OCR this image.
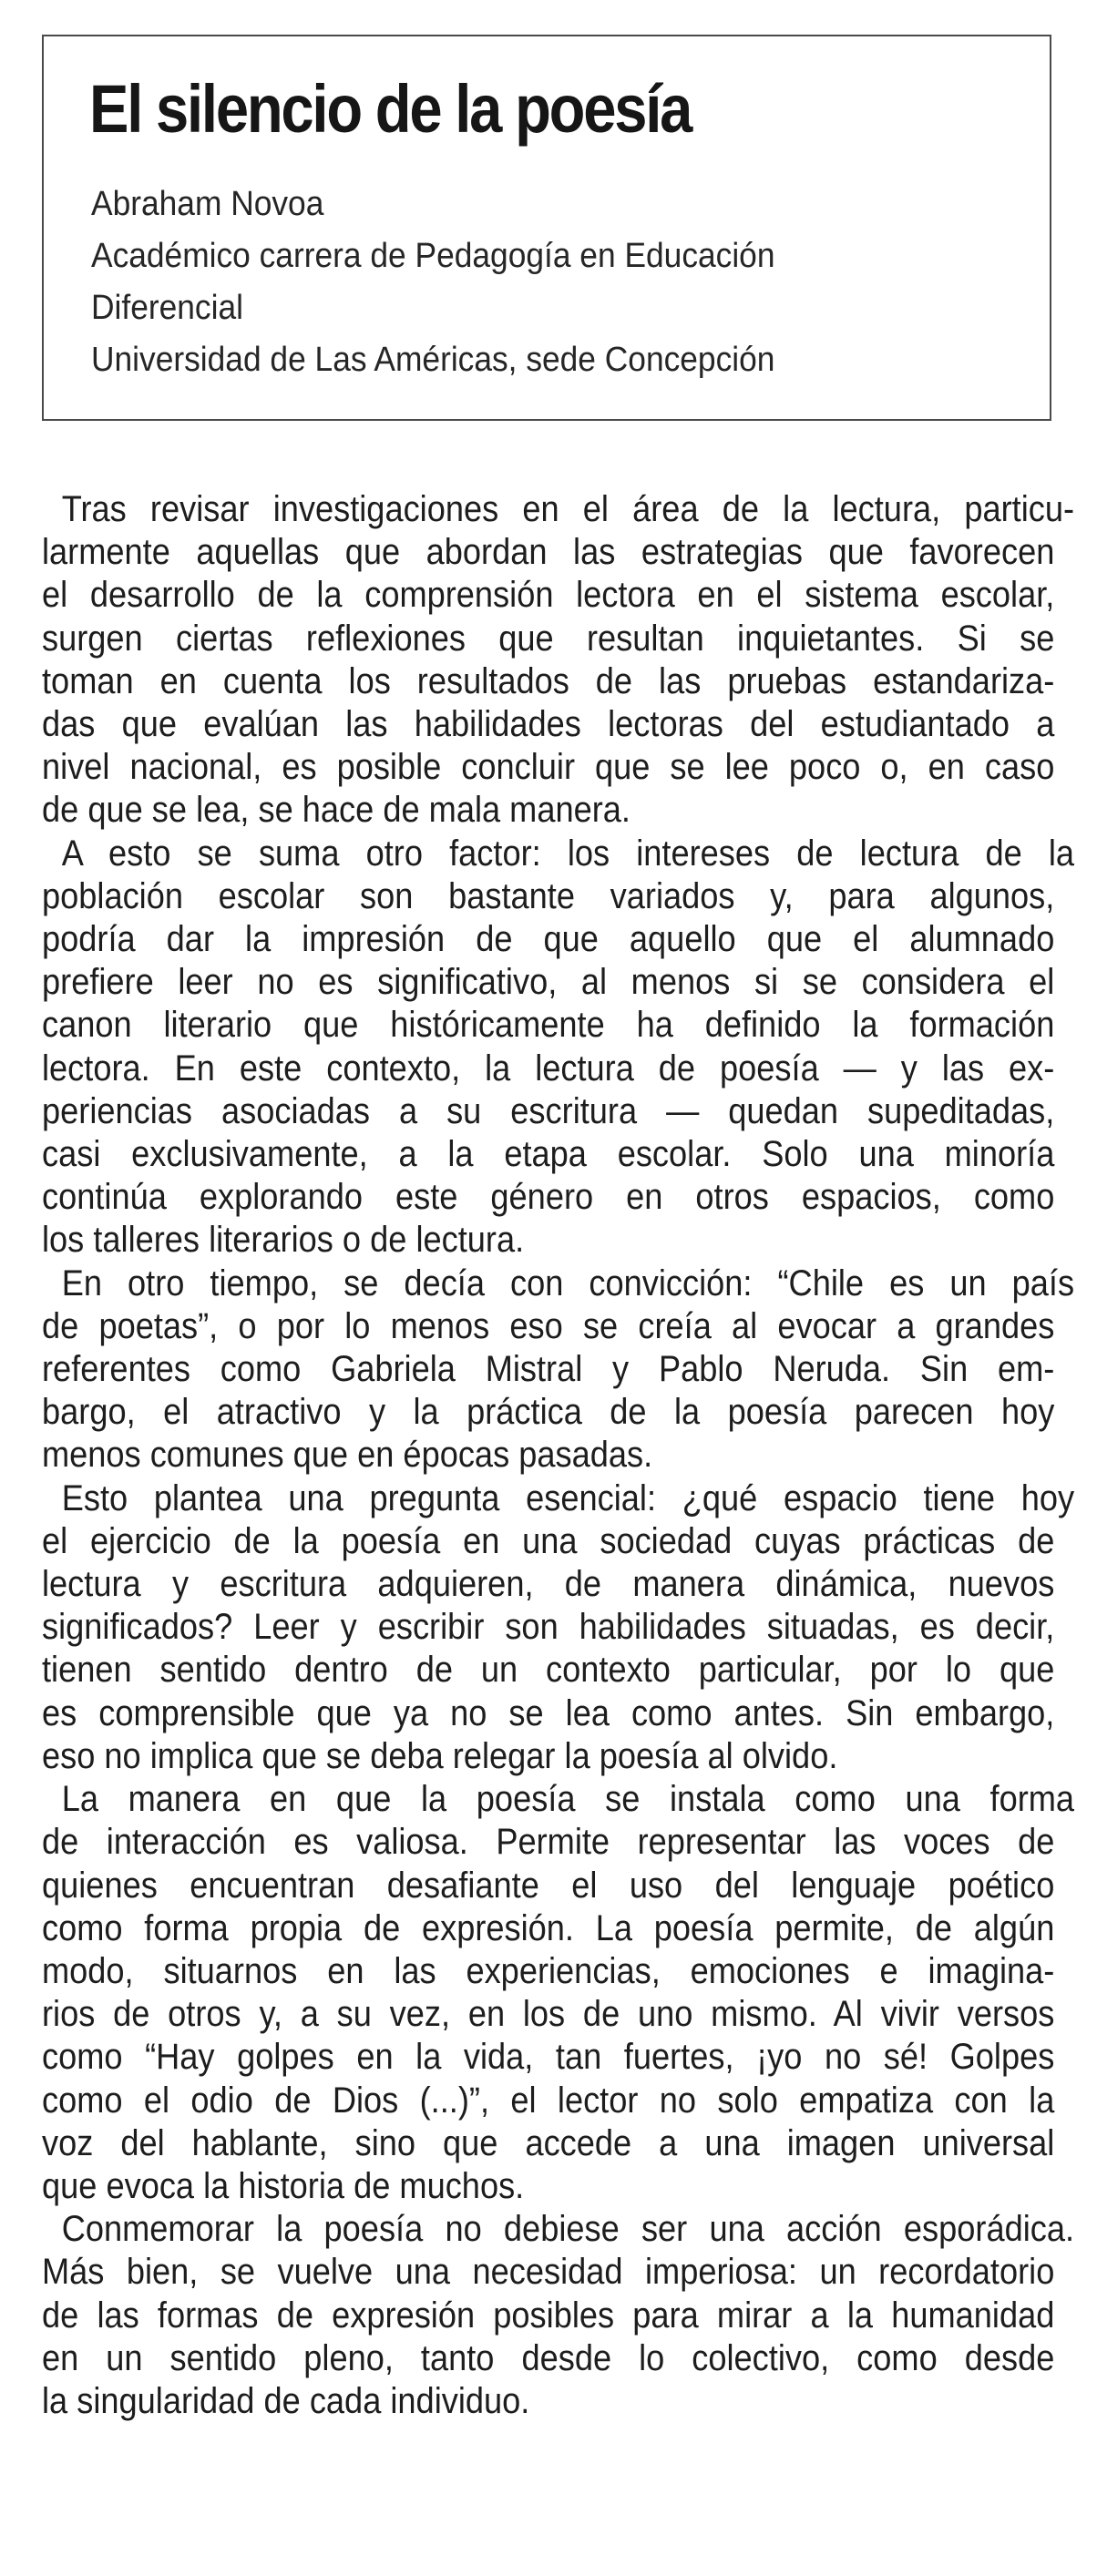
El silencio de la poesía
Abraham Novoa
Académico carrera de Pedagogía en Educación
Diferencial
Universidad de Las Américas, sede Concepción
Tras revisar investigaciones en el área de la lectura, particu-
larmente aquellas que abordan las estrategias que favorecen
el desarrollo de la comprensión lectora en el sistema escolar,
surgen ciertas reflexiones que resultan inquietantes. Si se
toman en cuenta los resultados de las pruebas estandariza-
das que evalúan las habilidades lectoras del estudiantado a
nivel nacional, es posible concluir que se lee poco o, en caso
de que se lea, se hace de mala manera.
A esto se suma otro factor: los intereses de lectura de la
población escolar son bastante variados y, para algunos,
podría dar la impresión de que aquello que el alumnado
prefiere leer no es significativo, al menos si se considera el
canon literario que históricamente ha definido la formación
lectora. En este contexto, la lectura de poesía — y las ex-
periencias asociadas a su escritura — quedan supeditadas,
casi exclusivamente, a la etapa escolar. Solo una minoría
continúa explorando este género en otros espacios, como
los talleres literarios o de lectura.
En otro tiempo, se decía con convicción: “Chile es un país
de poetas”, o por lo menos eso se creía al evocar a grandes
referentes como Gabriela Mistral y Pablo Neruda. Sin em-
bargo, el atractivo y la práctica de la poesía parecen hoy
menos comunes que en épocas pasadas.
Esto plantea una pregunta esencial: ¿qué espacio tiene hoy
el ejercicio de la poesía en una sociedad cuyas prácticas de
lectura y escritura adquieren, de manera dinámica, nuevos
significados? Leer y escribir son habilidades situadas, es decir,
tienen sentido dentro de un contexto particular, por lo que
es comprensible que ya no se lea como antes. Sin embargo,
eso no implica que se deba relegar la poesía al olvido.
La manera en que la poesía se instala como una forma
de interacción es valiosa. Permite representar las voces de
quienes encuentran desafiante el uso del lenguaje poético
como forma propia de expresión. La poesía permite, de algún
modo, situarnos en las experiencias, emociones e imagina-
rios de otros y, a su vez, en los de uno mismo. Al vivir versos
como “Hay golpes en la vida, tan fuertes, ¡yo no sé! Golpes
como el odio de Dios (...)”, el lector no solo empatiza con la
voz del hablante, sino que accede a una imagen universal
que evoca la historia de muchos.
Conmemorar la poesía no debiese ser una acción esporádica.
Más bien, se vuelve una necesidad imperiosa: un recordatorio
de las formas de expresión posibles para mirar a la humanidad
en un sentido pleno, tanto desde lo colectivo, como desde
la singularidad de cada individuo.
